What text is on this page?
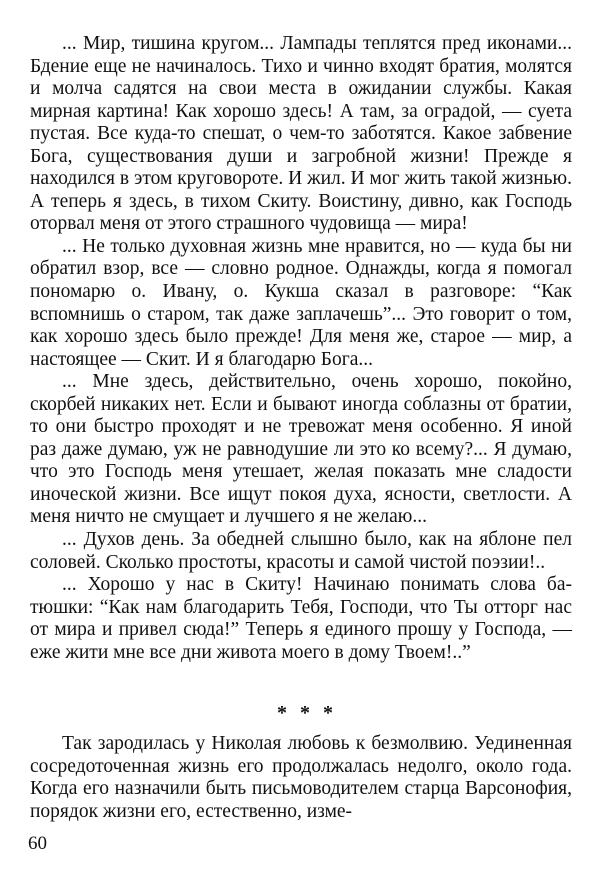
... Мир, тишина кругом... Лампады теплятся пред иконами... Бдение еще не начиналось. Тихо и чинно входят братия, молятся и молча садятся на свои места в ожидании службы. Какая мирная картина! Как хорошо здесь! А там, за оградой, — суета пустая. Все куда-то спешат, о чем-то заботятся. Какое забвение Бога, существования души и загробной жизни! Прежде я находился в этом круговороте. И жил. И мог жить такой жизнью. А теперь я здесь, в тихом Скиту. Воистину, дивно, как Господь оторвал меня от этого страшного чудовища — мира!

... Не только духовная жизнь мне нравится, но — куда бы ни обратил взор, все — словно родное. Однажды, когда я помогал пономарю о. Ивану, о. Кукша сказал в разговоре: “Как вспомнишь о старом, так даже заплачешь”... Это говорит о том, как хорошо здесь было прежде! Для меня же, старое — мир, а настоящее — Скит. И я благодарю Бога...

... Мне здесь, действительно, очень хорошо, покойно, скорбей никаких нет. Если и бывают иногда соблазны от братии, то они быстро проходят и не тревожат меня особенно. Я иной раз даже думаю, уж не равнодушие ли это ко всему?... Я думаю, что это Господь меня утешает, желая показать мне сладости иноческой жизни. Все ищут покоя духа, ясности, светлости. А меня ничто не смущает и лучшего я не желаю...

... Духов день. За обедней слышно было, как на яблоне пел соловей. Сколько простоты, красоты и самой чистой поэзии!..

... Хорошо у нас в Скиту! Начинаю понимать слова батюшки: “Как нам благодарить Тебя, Господи, что Ты отторг нас от мира и привел сюда!” Теперь я единого прошу у Господа, — еже жити мне все дни живота моего в дому Твоем!..”

* * *

Так зародилась у Николая любовь к безмолвию. Уединенная сосредоточенная жизнь его продолжалась недолго, около года. Когда его назначили быть письмоводителем старца Варсонофия, порядок жизни его, естественно, изме-

60
